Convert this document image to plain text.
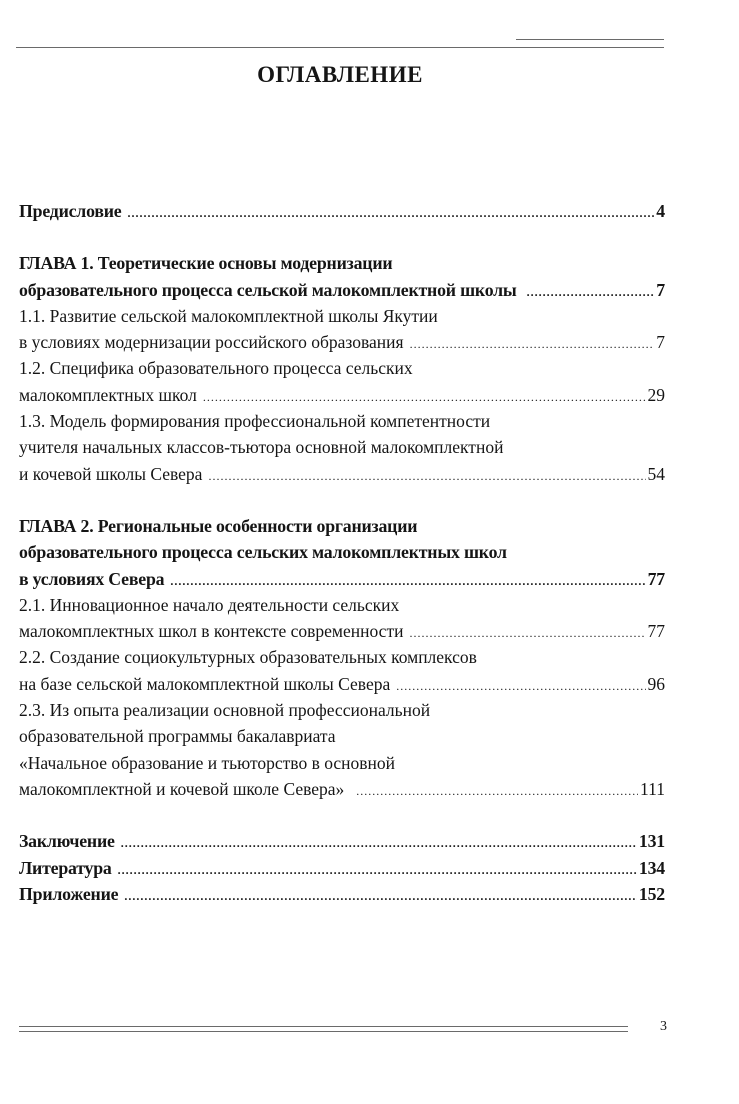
ОГЛАВЛЕНИЕ
Предисловие .....	4
ГЛАВА 1. Теоретические основы модернизации
образовательного процесса сельской малокомплектной школы .....	7
1.1. Развитие сельской малокомплектной школы Якутии
в условиях модернизации российского образования .....	7
1.2. Специфика образовательного процесса сельских
малокомплектных школ .....	29
1.3. Модель формирования профессиональной компетентности
учителя начальных классов-тьютора основной малокомплектной
и кочевой школы Севера .....	54
ГЛАВА 2. Региональные особенности организации
образовательного процесса сельских малокомплектных школ
в условиях Севера .....	77
2.1. Инновационное начало деятельности сельских
малокомплектных школ в контексте современности .....	77
2.2. Создание социокультурных образовательных комплексов
на базе сельской малокомплектной школы Севера .....	96
2.3. Из опыта реализации основной профессиональной
образовательной программы бакалавриата
«Начальное образование и тьюторство в основной
малокомплектной и кочевой школе Севера» .....	111
Заключение .....	131
Литература .....	134
Приложение .....	152
3
